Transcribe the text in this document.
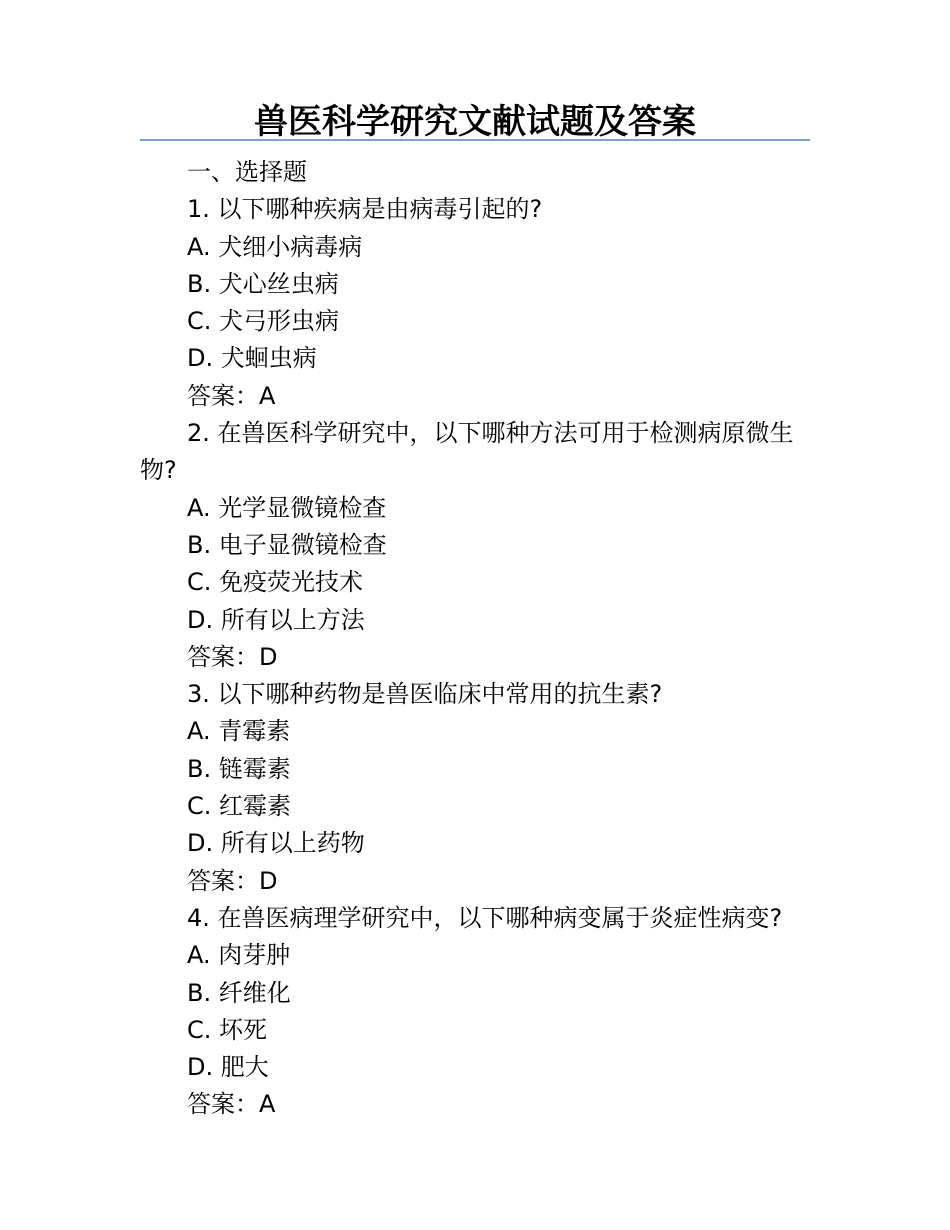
兽医科学研究文献试题及答案
一、选择题
1. 以下哪种疾病是由病毒引起的?
A. 犬细小病毒病
B. 犬心丝虫病
C. 犬弓形虫病
D. 犬蛔虫病
答案：A
2. 在兽医科学研究中，以下哪种方法可用于检测病原微生物?
A. 光学显微镜检查
B. 电子显微镜检查
C. 免疫荧光技术
D. 所有以上方法
答案：D
3. 以下哪种药物是兽医临床中常用的抗生素?
A. 青霉素
B. 链霉素
C. 红霉素
D. 所有以上药物
答案：D
4. 在兽医病理学研究中，以下哪种病变属于炎症性病变?
A. 肉芽肿
B. 纤维化
C. 坏死
D. 肥大
答案：A
